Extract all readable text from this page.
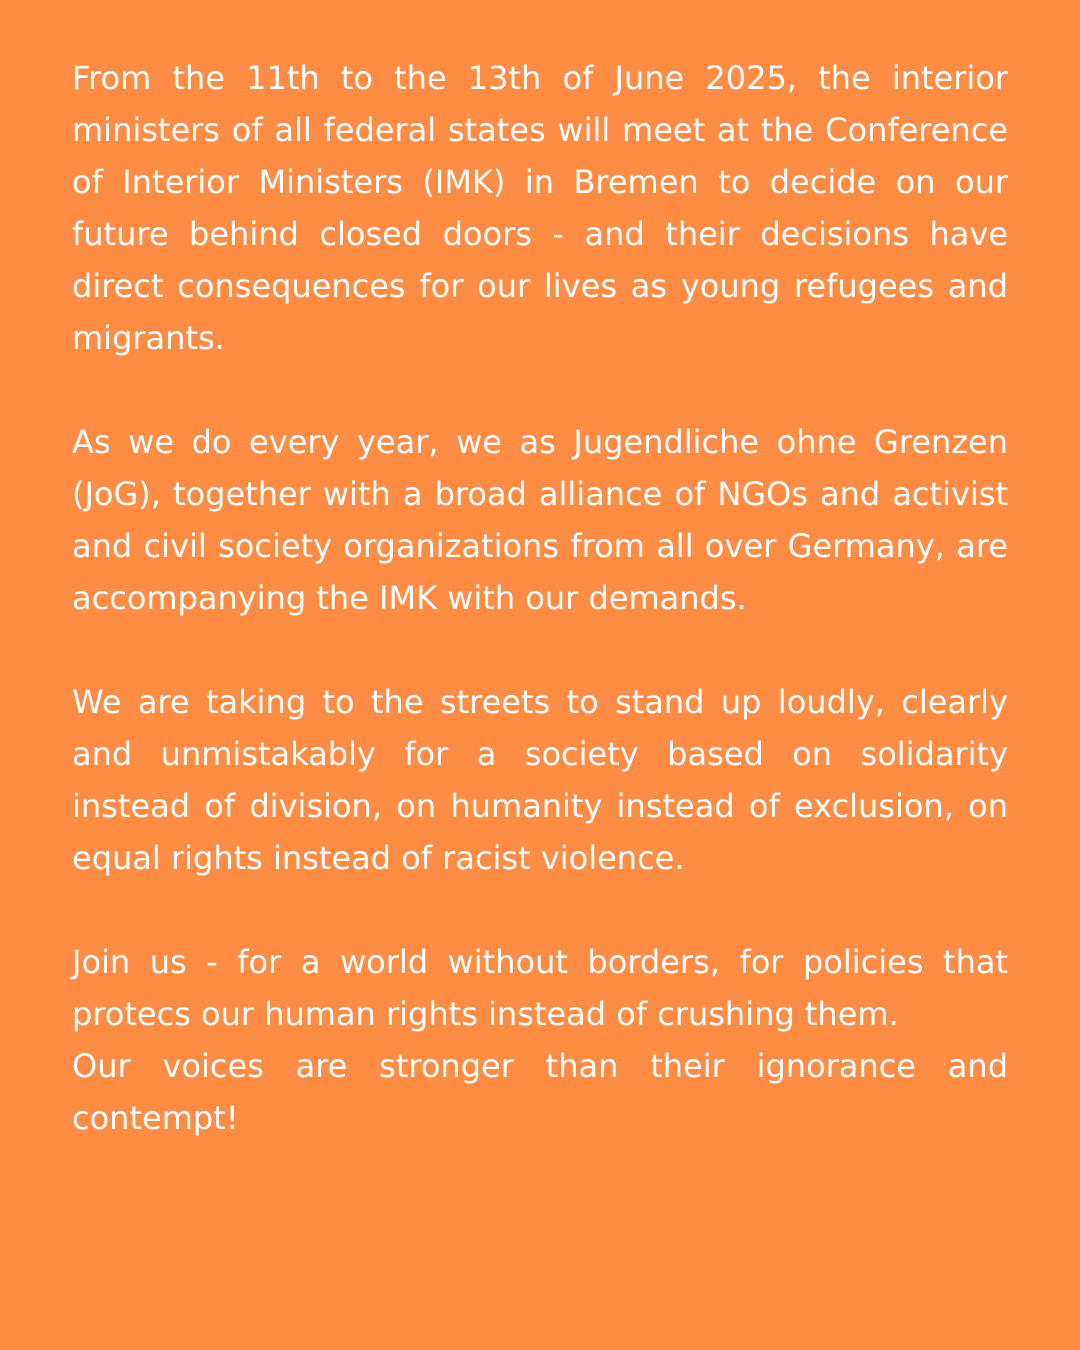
From the 11th to the 13th of June 2025, the interior ministers of all federal states will meet at the Conference of Interior Ministers (IMK) in Bremen to decide on our future behind closed doors - and their decisions have direct consequences for our lives as young refugees and migrants.

As we do every year, we as Jugendliche ohne Grenzen (JoG), together with a broad alliance of NGOs and activist and civil society organizations from all over Germany, are accompanying the IMK with our demands.

We are taking to the streets to stand up loudly, clearly and unmistakably for a society based on solidarity instead of division, on humanity instead of exclusion, on equal rights instead of racist violence.

Join us - for a world without borders, for policies that protecs our human rights instead of crushing them.

Our voices are stronger than their ignorance and contempt!
